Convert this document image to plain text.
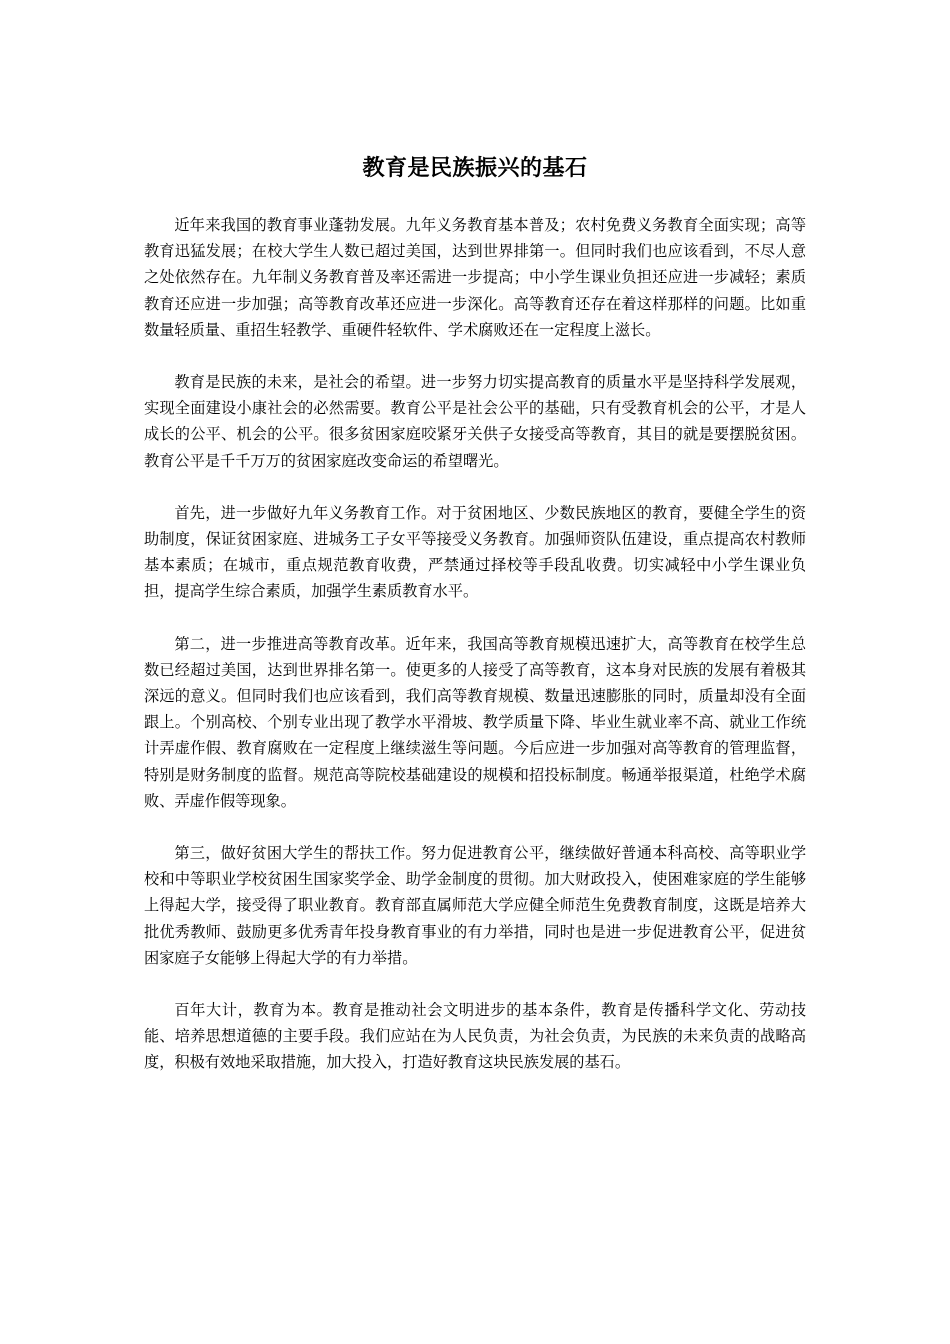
教育是民族振兴的基石

近年来我国的教育事业蓬勃发展。九年义务教育基本普及；农村免费义务教育全面实现；高等教育迅猛发展；在校大学生人数已超过美国，达到世界排第一。但同时我们也应该看到，不尽人意之处依然存在。九年制义务教育普及率还需进一步提高；中小学生课业负担还应进一步减轻；素质教育还应进一步加强；高等教育改革还应进一步深化。高等教育还存在着这样那样的问题。比如重数量轻质量、重招生轻教学、重硬件轻软件、学术腐败还在一定程度上滋长。

教育是民族的未来，是社会的希望。进一步努力切实提高教育的质量水平是坚持科学发展观，实现全面建设小康社会的必然需要。教育公平是社会公平的基础，只有受教育机会的公平，才是人成长的公平、机会的公平。很多贫困家庭咬紧牙关供子女接受高等教育，其目的就是要摆脱贫困。教育公平是千千万万的贫困家庭改变命运的希望曙光。

首先，进一步做好九年义务教育工作。对于贫困地区、少数民族地区的教育，要健全学生的资助制度，保证贫困家庭、进城务工子女平等接受义务教育。加强师资队伍建设，重点提高农村教师基本素质；在城市，重点规范教育收费，严禁通过择校等手段乱收费。切实减轻中小学生课业负担，提高学生综合素质，加强学生素质教育水平。

第二，进一步推进高等教育改革。近年来，我国高等教育规模迅速扩大，高等教育在校学生总数已经超过美国，达到世界排名第一。使更多的人接受了高等教育，这本身对民族的发展有着极其深远的意义。但同时我们也应该看到，我们高等教育规模、数量迅速膨胀的同时，质量却没有全面跟上。个别高校、个别专业出现了教学水平滑坡、教学质量下降、毕业生就业率不高、就业工作统计弄虚作假、教育腐败在一定程度上继续滋生等问题。今后应进一步加强对高等教育的管理监督，特别是财务制度的监督。规范高等院校基础建设的规模和招投标制度。畅通举报渠道，杜绝学术腐败、弄虚作假等现象。

第三，做好贫困大学生的帮扶工作。努力促进教育公平，继续做好普通本科高校、高等职业学校和中等职业学校贫困生国家奖学金、助学金制度的贯彻。加大财政投入，使困难家庭的学生能够上得起大学，接受得了职业教育。教育部直属师范大学应健全师范生免费教育制度，这既是培养大批优秀教师、鼓励更多优秀青年投身教育事业的有力举措，同时也是进一步促进教育公平，促进贫困家庭子女能够上得起大学的有力举措。

百年大计，教育为本。教育是推动社会文明进步的基本条件，教育是传播科学文化、劳动技能、培养思想道德的主要手段。我们应站在为人民负责，为社会负责，为民族的未来负责的战略高度，积极有效地采取措施，加大投入，打造好教育这块民族发展的基石。
